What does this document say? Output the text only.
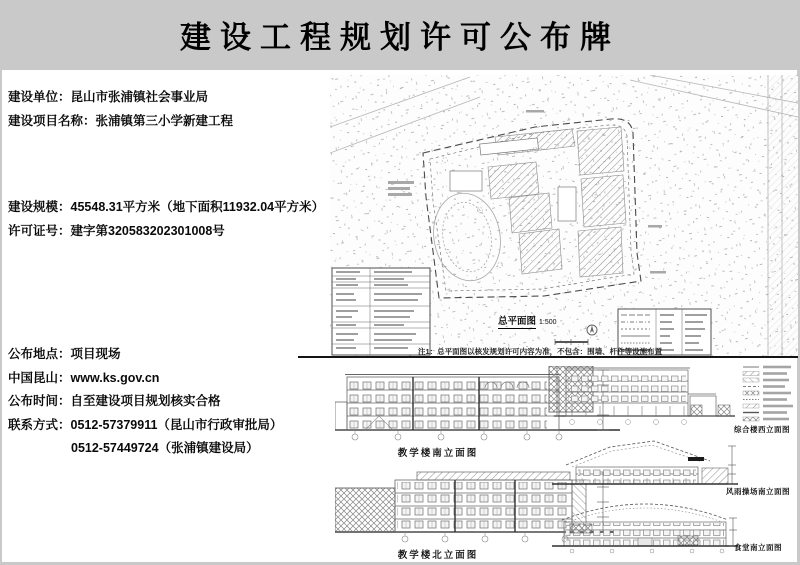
建设工程规划许可公布牌
建设单位：昆山市张浦镇社会事业局
建设项目名称：张浦镇第三小学新建工程
建设规模：45548.31平方米（地下面积11932.04平方米）
许可证号：建字第320583202301008号
公布地点：项目现场
中国昆山：www.ks.gov.cn
公布时间：自至建设项目规划核实合格
联系方式：0512-57379911（昆山市行政审批局）
0512-57449724（张浦镇建设局）
总平面图 1:500
注1：总平面图以核发规划许可内容为准，不包含：围墙、杆件等设施布置
教学楼南立面图
教学楼北立面图
综合楼西立面图
风雨操场南立面图
食堂南立面图
